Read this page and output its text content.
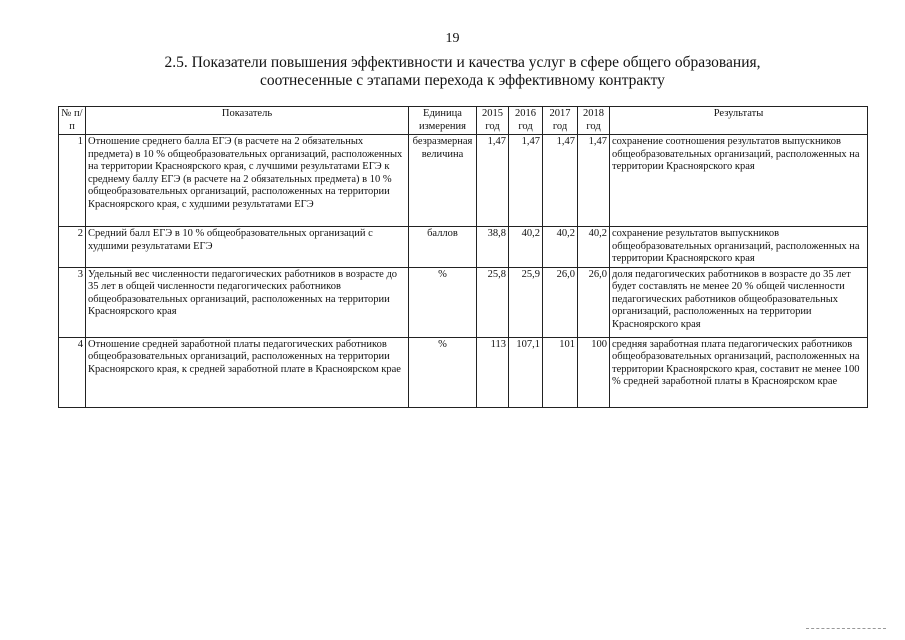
19
2.5. Показатели повышения эффективности и качества услуг в сфере общего образования,
соотнесенные с этапами перехода к эффективному контракту
№ п/п	Показатель	Единица измерения	2015 год	2016 год	2017 год	2018 год	Результаты
1	Отношение среднего балла ЕГЭ (в расчете на 2 обязательных предмета) в 10 % общеобразовательных организаций, расположенных на территории Красноярского края, с лучшими результатами ЕГЭ к среднему баллу ЕГЭ (в расчете на 2 обязательных предмета) в 10 % общеобразовательных организаций, расположенных на территории Красноярского края, с худшими результатами ЕГЭ	безразмерная величина	1,47	1,47	1,47	1,47	сохранение соотношения результатов выпускников общеобразовательных организаций, расположенных на территории Красноярского края
2	Средний балл ЕГЭ в 10 % общеобразовательных организаций с худшими результатами ЕГЭ	баллов	38,8	40,2	40,2	40,2	сохранение результатов выпускников общеобразовательных организаций, расположенных на территории Красноярского края
3	Удельный вес численности педагогических работников в возрасте до 35 лет в общей численности педагогических работников общеобразовательных организаций, расположенных на территории Красноярского края	%	25,8	25,9	26,0	26,0	доля педагогических работников в возрасте до 35 лет будет составлять не менее 20 % общей численности педагогических работников общеобразовательных организаций, расположенных на территории Красноярского края
4	Отношение средней заработной платы педагогических работников общеобразовательных организаций, расположенных на территории Красноярского края, к средней заработной плате в Красноярском крае	%	113	107,1	101	100	средняя заработная плата педагогических работников общеобразовательных организаций, расположенных на территории Красноярского края, составит не менее 100 % средней заработной платы в Красноярском крае
